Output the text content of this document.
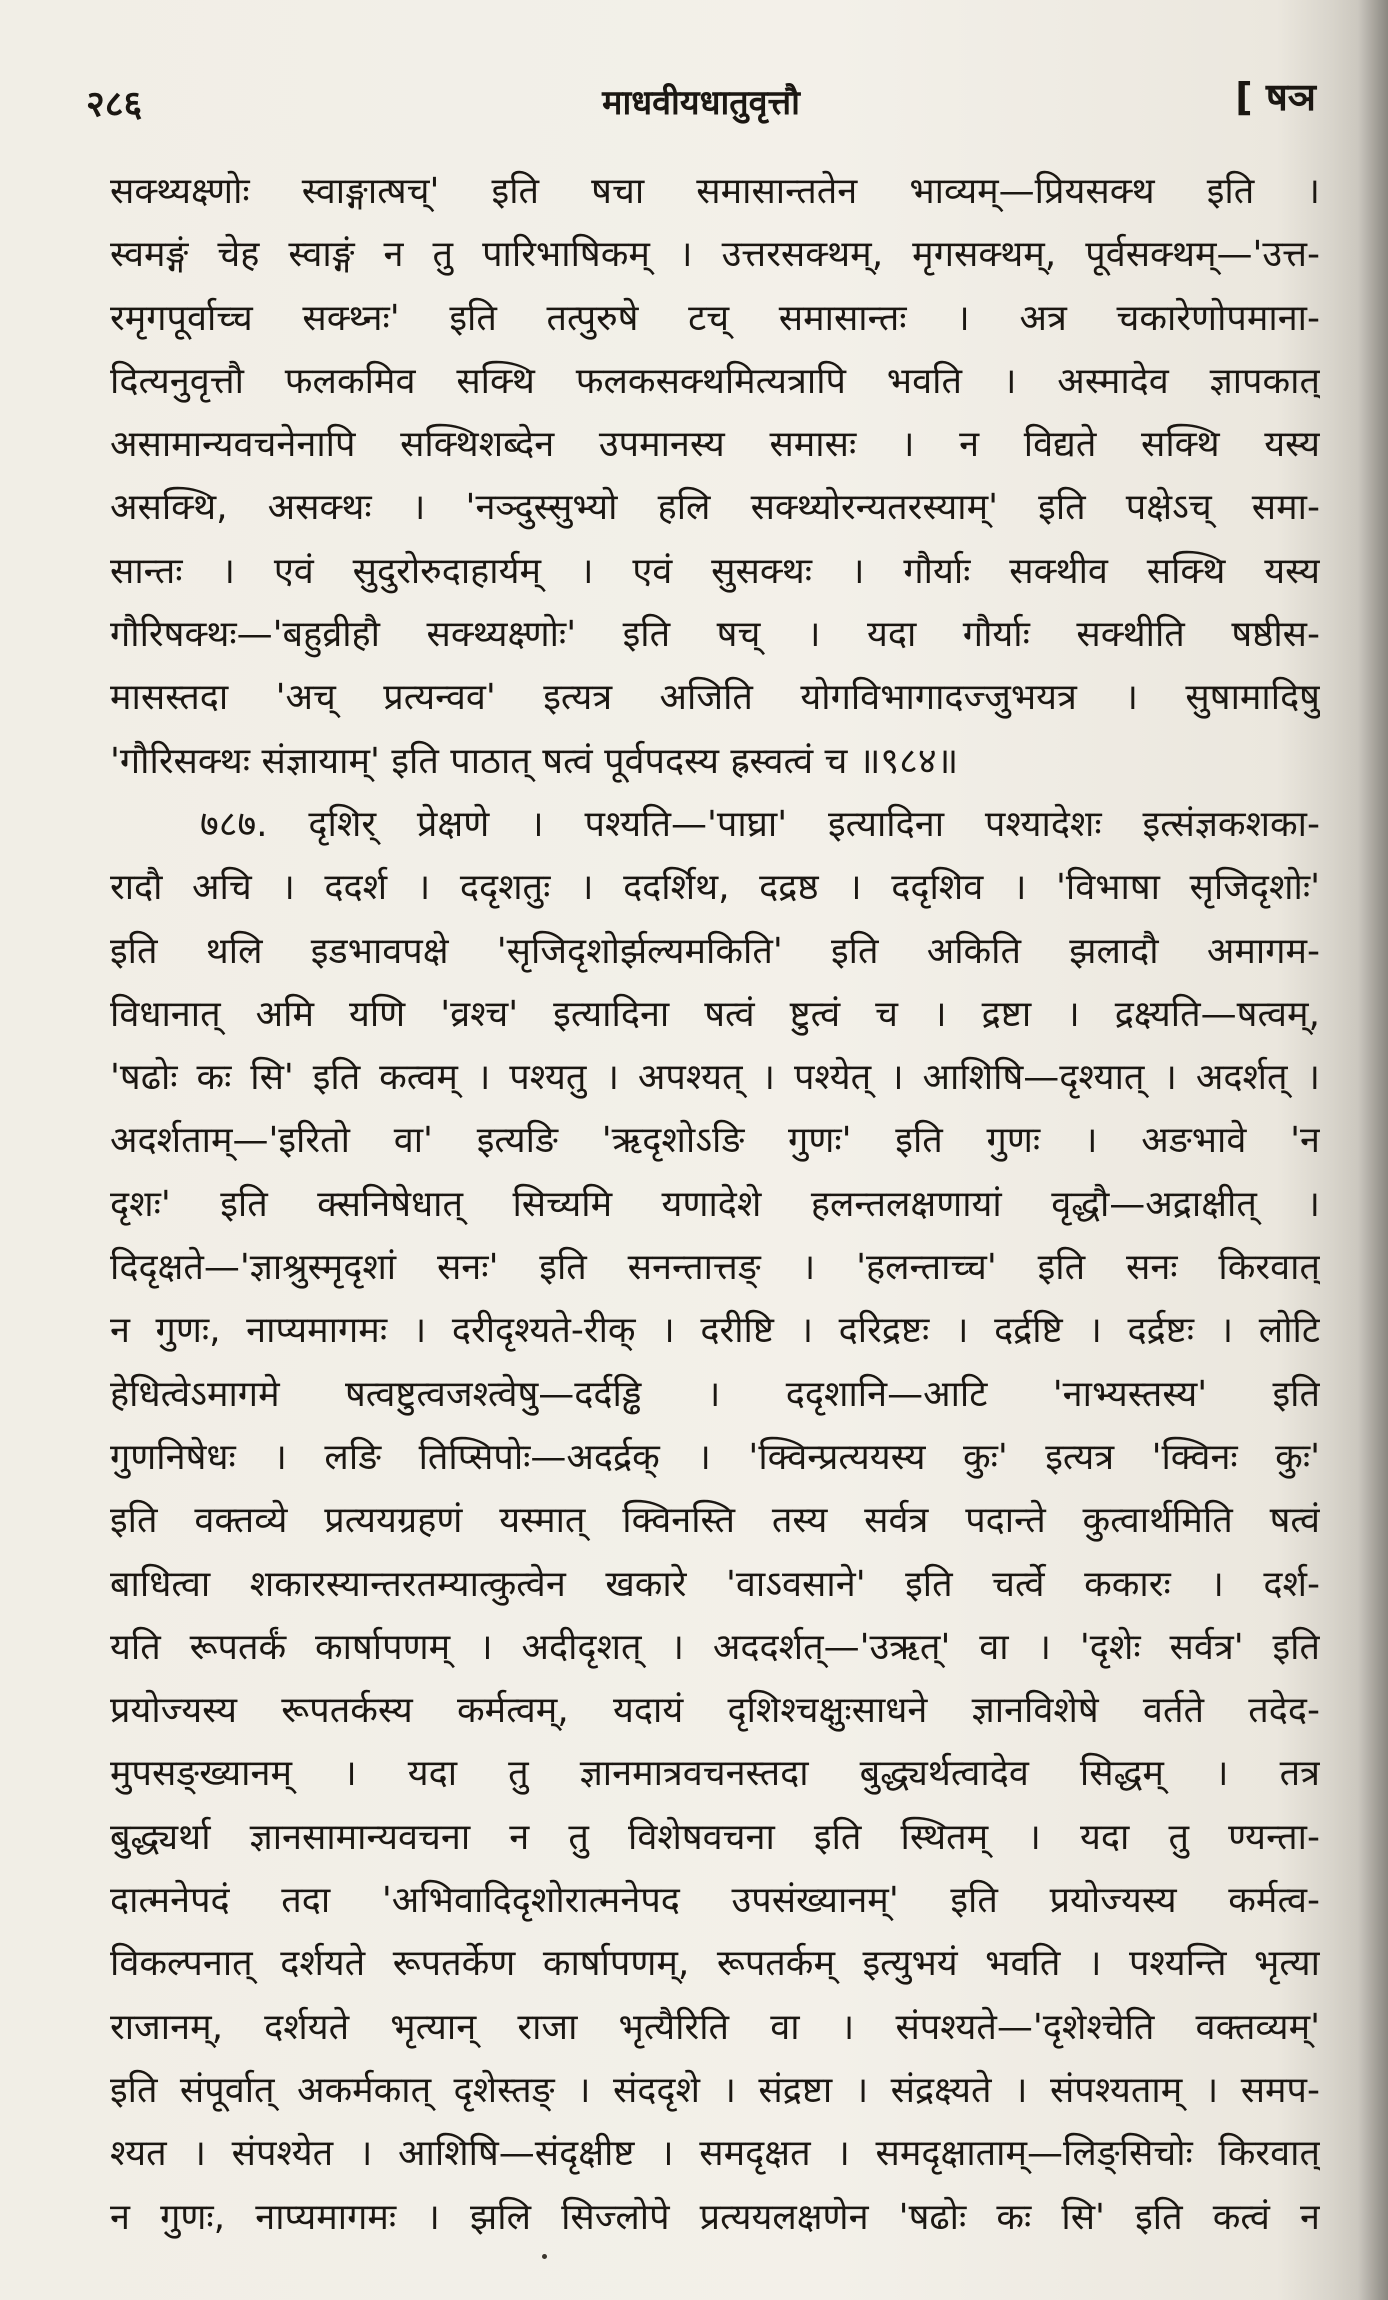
२८६	माधवीयधातुवृत्तौ	[ षञ
सक्थ्यक्ष्णोः स्वाङ्गात्षच्' इति षचा समासान्ततेन भाव्यम्—प्रियसक्थ इति ।
स्वमङ्गं चेह स्वाङ्गं न तु पारिभाषिकम् । उत्तरसक्थम्, मृगसक्थम्, पूर्वसक्थम्—'उत्त-
रमृगपूर्वाच्च सक्थ्नः' इति तत्पुरुषे टच् समासान्तः । अत्र चकारेणोपमाना-
दित्यनुवृत्तौ फलकमिव सक्थि फलकसक्थमित्यत्रापि भवति । अस्मादेव ज्ञापकात्
असामान्यवचनेनापि सक्थिशब्देन उपमानस्य समासः । न विद्यते सक्थि यस्य
असक्थि, असक्थः । 'नञ्दुस्सुभ्यो हलि सक्थ्योरन्यतरस्याम्' इति पक्षेऽच् समा-
सान्तः । एवं सुदुरोरुदाहार्यम् । एवं सुसक्थः । गौर्याः सक्थीव सक्थि यस्य
गौरिषक्थः—'बहुव्रीहौ सक्थ्यक्ष्णोः' इति षच् । यदा गौर्याः सक्थीति षष्ठीस-
मासस्तदा 'अच् प्रत्यन्वव' इत्यत्र अजिति योगविभागादज्जुभयत्र । सुषामादिषु
'गौरिसक्थः संज्ञायाम्' इति पाठात् षत्वं पूर्वपदस्य ह्रस्वत्वं च ॥९८४॥
७८७. दृशिर् प्रेक्षणे । पश्यति—'पाघ्रा' इत्यादिना पश्यादेशः इत्संज्ञकशका-
रादौ अचि । ददर्श । ददृशतुः । ददर्शिथ, दद्रष्ठ । ददृशिव । 'विभाषा सृजिदृशोः'
इति थलि इडभावपक्षे 'सृजिदृशोर्झल्यमकिति' इति अकिति झलादौ अमागम-
विधानात् अमि यणि 'व्रश्च' इत्यादिना षत्वं ष्टुत्वं च । द्रष्टा । द्रक्ष्यति—षत्वम्,
'षढोः कः सि' इति कत्वम् । पश्यतु । अपश्यत् । पश्येत् । आशिषि—दृश्यात् । अदर्शत् ।
अदर्शताम्—'इरितो वा' इत्यङि 'ऋदृशोऽङि गुणः' इति गुणः । अङभावे 'न
दृशः' इति क्सनिषेधात् सिच्यमि यणादेशे हलन्तलक्षणायां वृद्धौ—अद्राक्षीत् ।
दिदृक्षते—'ज्ञाश्रुस्मृदृशां सनः' इति सनन्तात्तङ् । 'हलन्ताच्च' इति सनः किरवात्
न गुणः, नाप्यमागमः । दरीदृश्यते-रीक् । दरीष्टि । दरिद्रष्टः । दर्द्रष्टि । दर्द्रष्टः । लोटि
हेधित्वेऽमागमे षत्वष्टुत्वजश्त्वेषु—दर्दड्ढि । ददृशानि—आटि 'नाभ्यस्तस्य' इति
गुणनिषेधः । लङि तिप्सिपोः—अदर्द्रक् । 'क्विन्प्रत्ययस्य कुः' इत्यत्र 'क्विनः कुः'
इति वक्तव्ये प्रत्ययग्रहणं यस्मात् क्विनस्ति तस्य सर्वत्र पदान्ते कुत्वार्थमिति षत्वं
बाधित्वा शकारस्यान्तरतम्यात्कुत्वेन खकारे 'वाऽवसाने' इति चर्त्वे ककारः । दर्श-
यति रूपतर्कं कार्षापणम् । अदीदृशत् । अददर्शत्—'उऋत्' वा । 'दृशेः सर्वत्र' इति
प्रयोज्यस्य रूपतर्कस्य कर्मत्वम्, यदायं दृशिश्चक्षुःसाधने ज्ञानविशेषे वर्तते तदेद-
मुपसङ्ख्यानम् । यदा तु ज्ञानमात्रवचनस्तदा बुद्ध्यर्थत्वादेव सिद्धम् । तत्र
बुद्ध्यर्था ज्ञानसामान्यवचना न तु विशेषवचना इति स्थितम् । यदा तु ण्यन्ता-
दात्मनेपदं तदा 'अभिवादिदृशोरात्मनेपद उपसंख्यानम्' इति प्रयोज्यस्य कर्मत्व-
विकल्पनात् दर्शयते रूपतर्केण कार्षापणम्, रूपतर्कम् इत्युभयं भवति । पश्यन्ति भृत्या
राजानम्, दर्शयते भृत्यान् राजा भृत्यैरिति वा । संपश्यते—'दृशेश्चेति वक्तव्यम्'
इति संपूर्वात् अकर्मकात् दृशेस्तङ् । संददृशे । संद्रष्टा । संद्रक्ष्यते । संपश्यताम् । समप-
श्यत । संपश्येत । आशिषि—संदृक्षीष्ट । समदृक्षत । समदृक्षाताम्—लिङ्सिचोः किरवात्
न गुणः, नाप्यमागमः । झलि सिज्लोपे प्रत्ययलक्षणेन 'षढोः कः सि' इति कत्वं न
